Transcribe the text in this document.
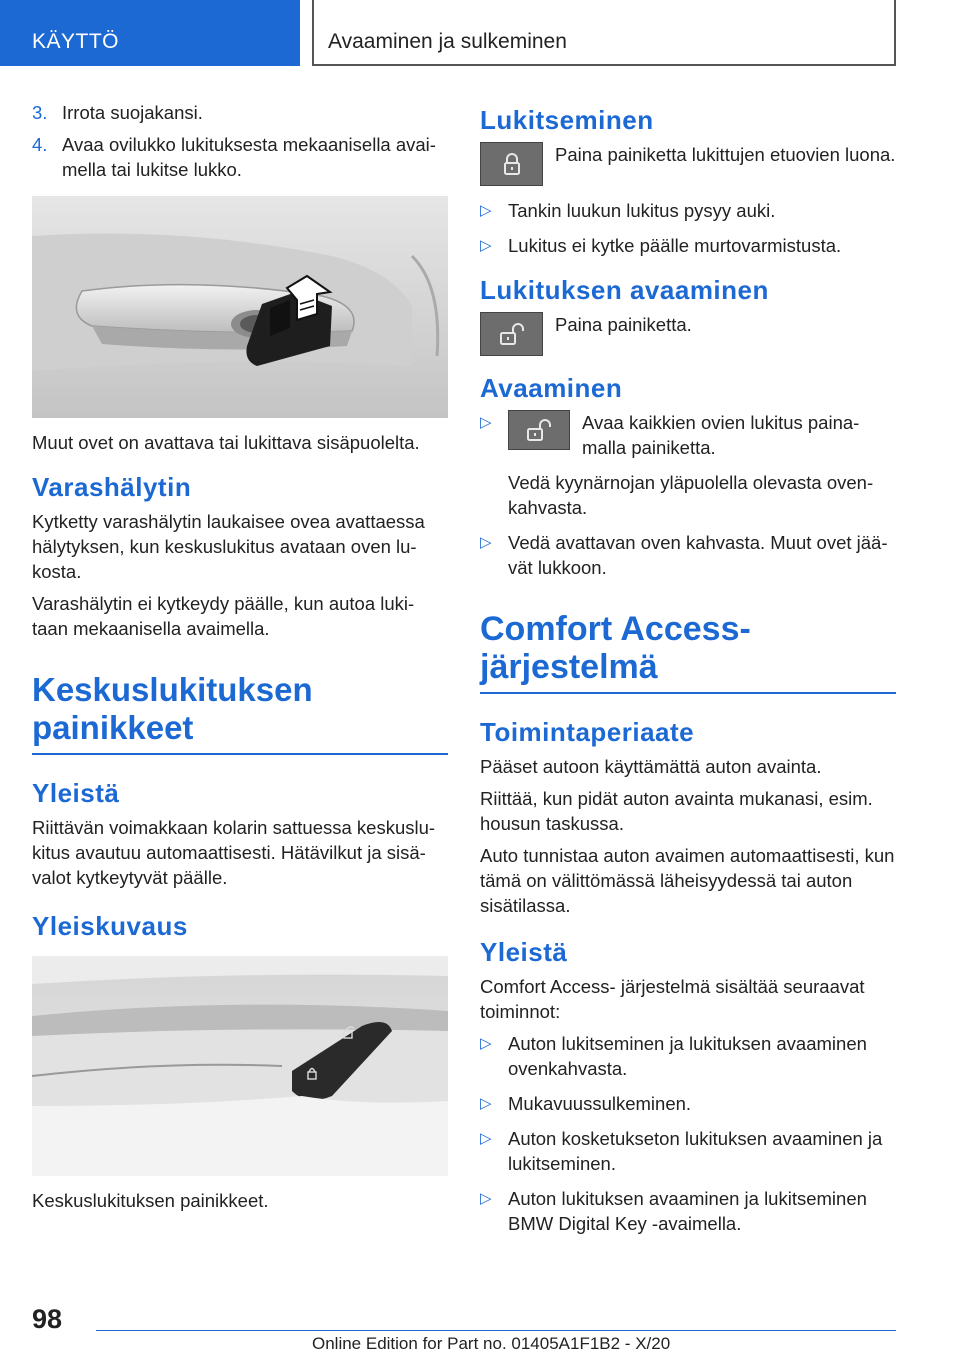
KÄYTTÖ	Avaaminen ja sulkeminen
3. Irrota suojakansi.
4. Avaa ovilukko lukituksesta mekaanisella avai-mella tai lukitse lukko.

Muut ovet on avattava tai lukittava sisäpuolelta.

Varashälytin

Kytketty varashälytin laukaisee ovea avattaessa hälytyksen, kun keskuslukitus avataan oven lu-kosta.

Varashälytin ei kytkeydy päälle, kun autoa luki-taan mekaanisella avaimella.

Keskuslukituksen painikkeet
Yleistä

Riittävän voimakkaan kolarin sattuessa keskuslu-kitus avautuu automaattisesti. Hätävilkut ja sisä-valot kytkeytyvät päälle.

Yleiskuvaus

Keskuslukituksen painikkeet.

Lukitseminen

Paina painiketta lukittujen etuovien luona.

▷ Tankin luukun lukitus pysyy auki.
▷ Lukitus ei kytke päälle murtovarmistusta.
Lukituksen avaaminen

Paina painiketta.

Avaaminen
▷	Avaa kaikkien ovien lukitus paina-malla painiketta.
Vedä kyynärnojan yläpuolella olevasta oven-kahvasta.
▷ Vedä avattavan oven kahvasta. Muut ovet jää-vät lukkoon.
Comfort Access- järjestelmä
Toimintaperiaate

Pääset autoon käyttämättä auton avainta.

Riittää, kun pidät auton avainta mukanasi, esim. housun taskussa.

Auto tunnistaa auton avaimen automaattisesti, kun tämä on välittömässä läheisyydessä tai auton sisätilassa.

Yleistä

Comfort Access- järjestelmä sisältää seuraavat toiminnot:

▷ Auton lukitseminen ja lukituksen avaaminen ovenkahvasta.
▷ Mukavuussulkeminen.
▷ Auton kosketukseton lukituksen avaaminen ja lukitseminen.
▷ Auton lukituksen avaaminen ja lukitseminen BMW Digital Key -avaimella.
98
Online Edition for Part no. 01405A1F1B2 - X/20
